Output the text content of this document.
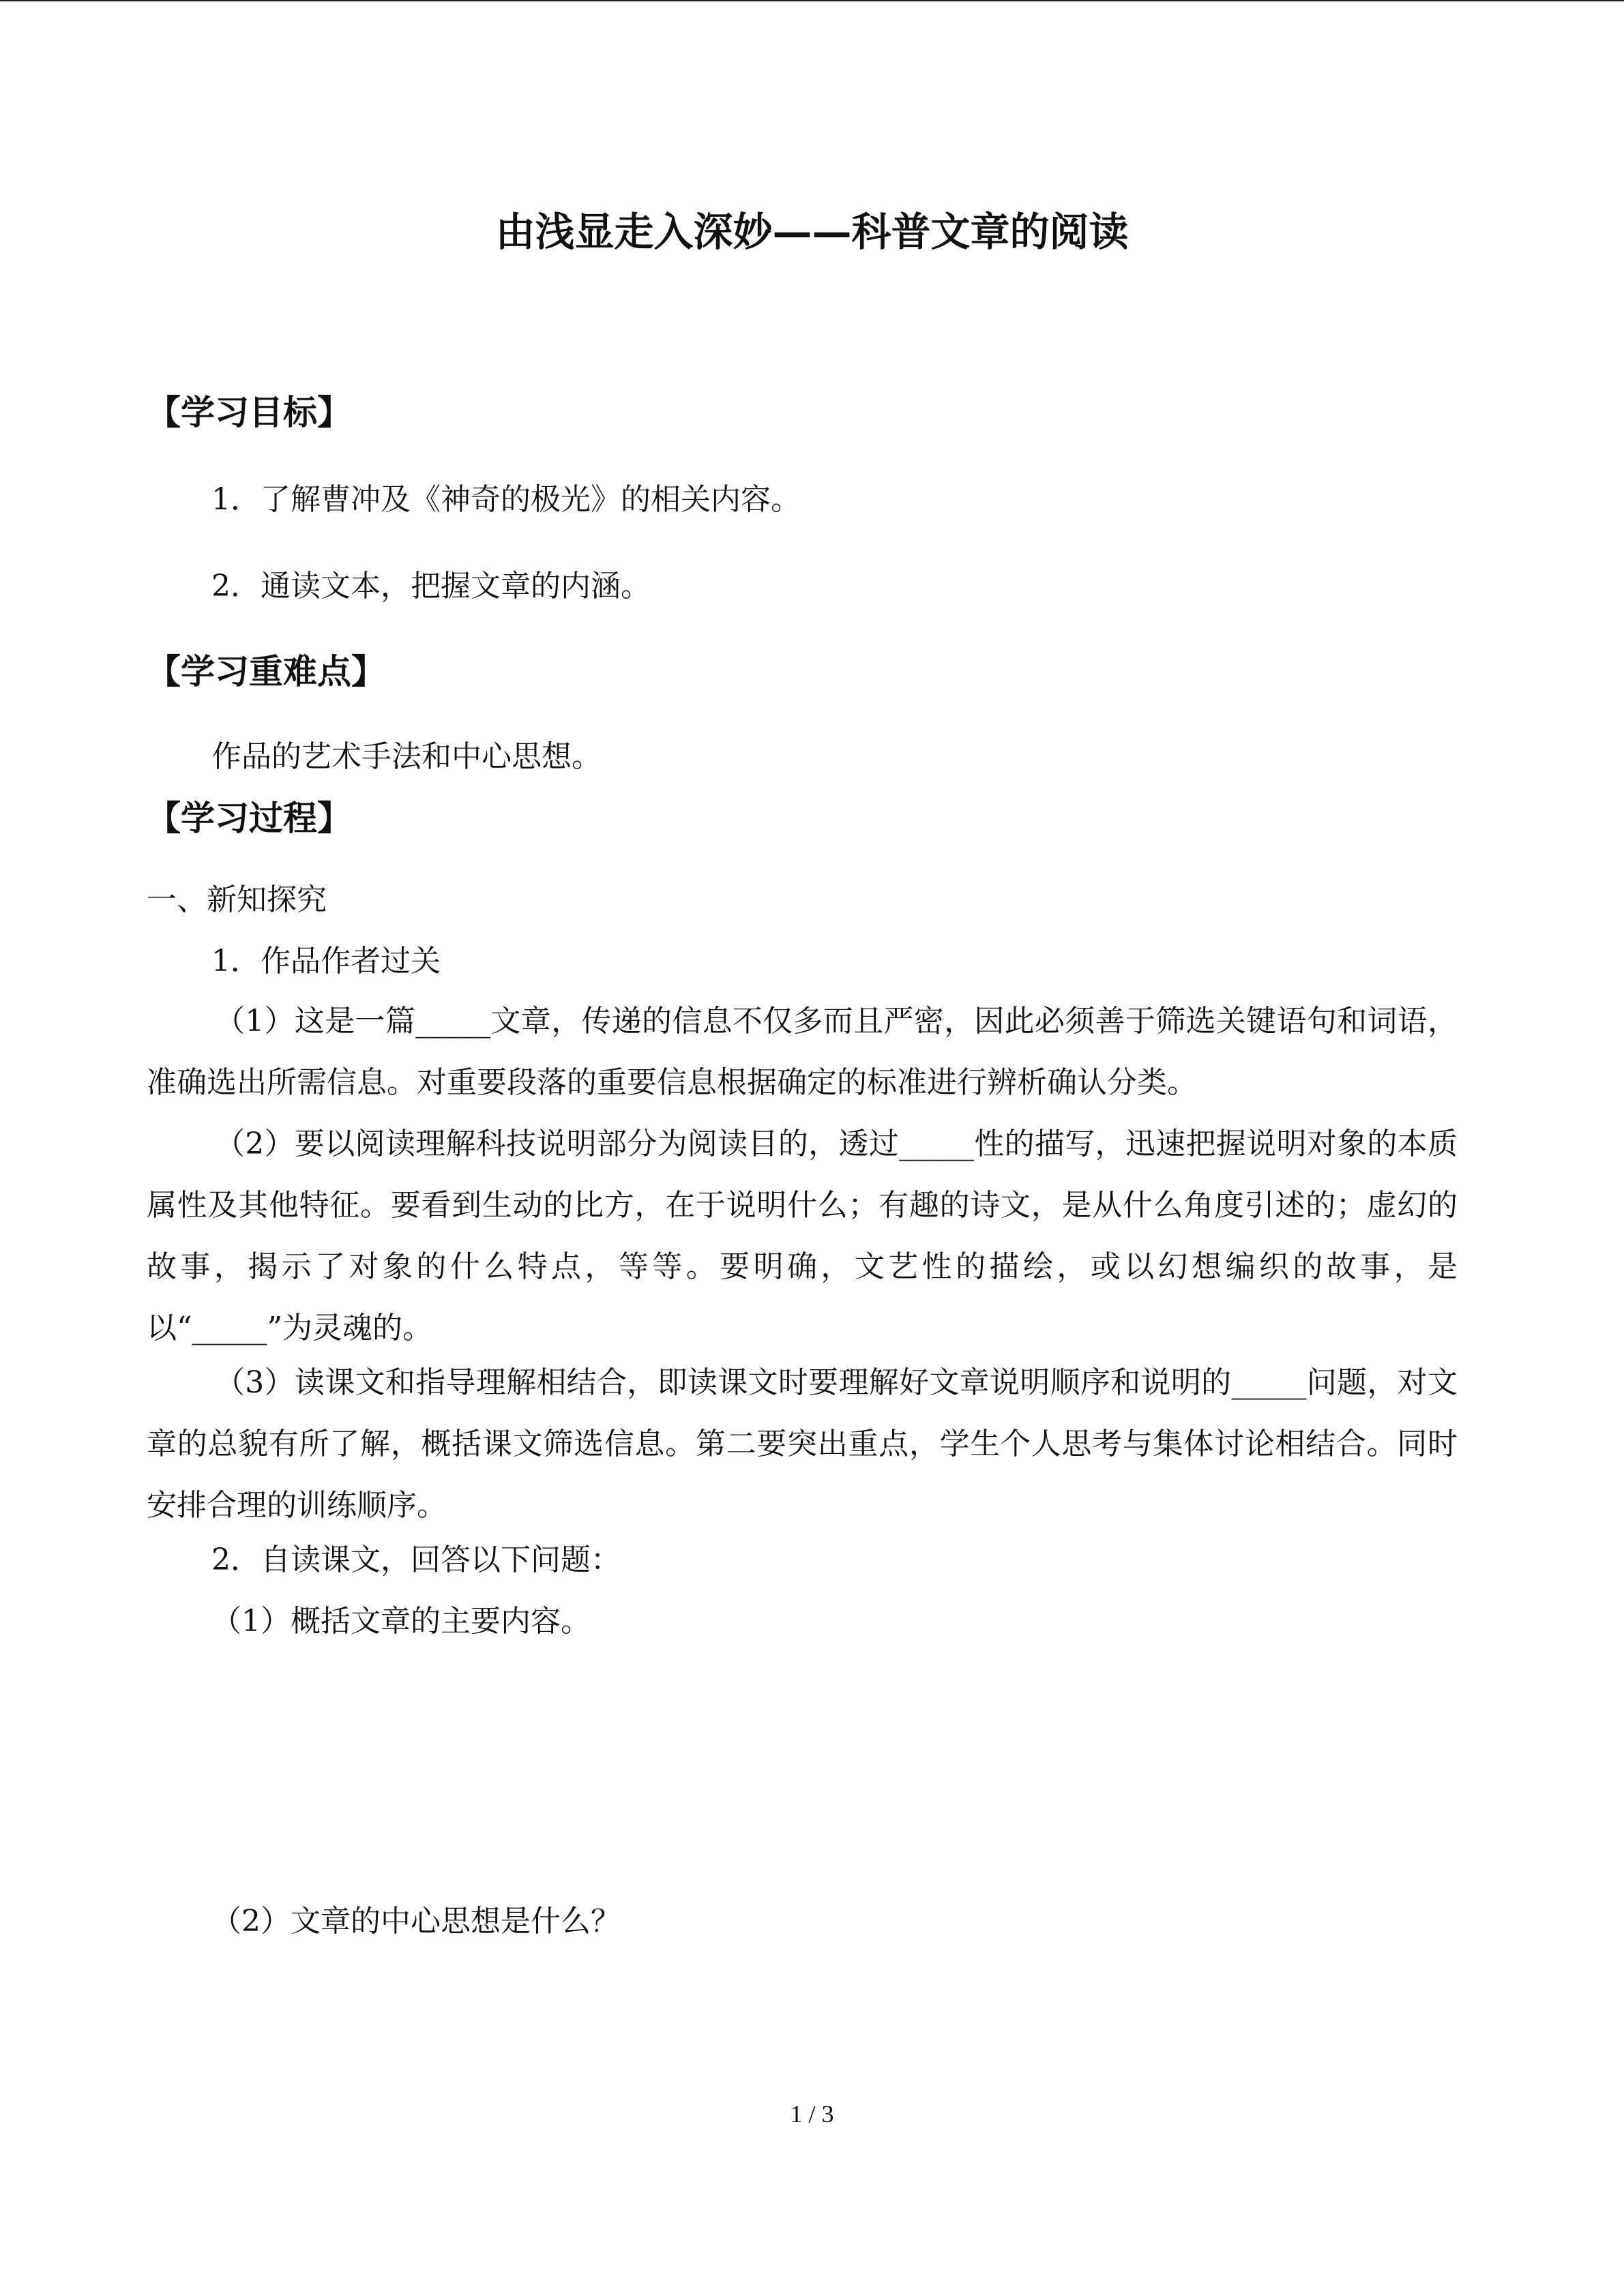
由浅显走入深妙——科普文章的阅读
【学习目标】

1．了解曹冲及《神奇的极光》的相关内容。

2．通读文本，把握文章的内涵。

【学习重难点】

作品的艺术手法和中心思想。

【学习过程】

一、新知探究

1．作品作者过关

（1）这是一篇_____文章，传递的信息不仅多而且严密，因此必须善于筛选关键语句和词语，准确选出所需信息。对重要段落的重要信息根据确定的标准进行辨析确认分类。

（2）要以阅读理解科技说明部分为阅读目的，透过_____性的描写，迅速把握说明对象的本质属性及其他特征。要看到生动的比方，在于说明什么；有趣的诗文，是从什么角度引述的；虚幻的故事，揭示了对象的什么特点，等等。要明确，文艺性的描绘，或以幻想编织的故事，是以“_____”为灵魂的。

（3）读课文和指导理解相结合，即读课文时要理解好文章说明顺序和说明的_____问题，对文章的总貌有所了解，概括课文筛选信息。第二要突出重点，学生个人思考与集体讨论相结合。同时安排合理的训练顺序。

2．自读课文，回答以下问题：

（1）概括文章的主要内容。

（2）文章的中心思想是什么？

1 / 3
